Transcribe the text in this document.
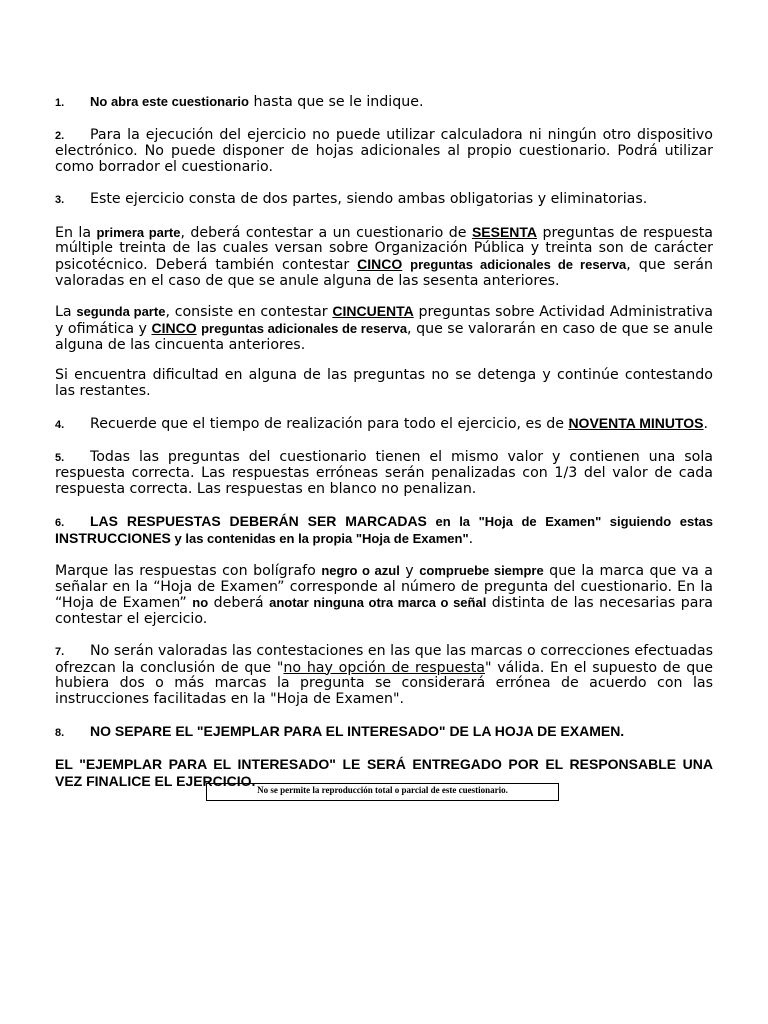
1. No abra este cuestionario hasta que se le indique.

2. Para la ejecución del ejercicio no puede utilizar calculadora ni ningún otro dispositivo electrónico. No puede disponer de hojas adicionales al propio cuestionario. Podrá utilizar como borrador el cuestionario.

3. Este ejercicio consta de dos partes, siendo ambas obligatorias y eliminatorias.

En la primera parte, deberá contestar a un cuestionario de SESENTA preguntas de respuesta múltiple treinta de las cuales versan sobre Organización Pública y treinta son de carácter psicotécnico. Deberá también contestar CINCO preguntas adicionales de reserva, que serán valoradas en el caso de que se anule alguna de las sesenta anteriores.

La segunda parte, consiste en contestar CINCUENTA preguntas sobre Actividad Administrativa y ofimática y CINCO preguntas adicionales de reserva, que se valorarán en caso de que se anule alguna de las cincuenta anteriores.

Si encuentra dificultad en alguna de las preguntas no se detenga y continúe contestando las restantes.

4. Recuerde que el tiempo de realización para todo el ejercicio, es de NOVENTA MINUTOS.

5. Todas las preguntas del cuestionario tienen el mismo valor y contienen una sola respuesta correcta. Las respuestas erróneas serán penalizadas con 1/3 del valor de cada respuesta correcta. Las respuestas en blanco no penalizan.

6. LAS RESPUESTAS DEBERÁN SER MARCADAS en la "Hoja de Examen" siguiendo estas INSTRUCCIONES y las contenidas en la propia "Hoja de Examen".

Marque las respuestas con bolígrafo negro o azul y compruebe siempre que la marca que va a señalar en la “Hoja de Examen” corresponde al número de pregunta del cuestionario. En la “Hoja de Examen” no deberá anotar ninguna otra marca o señal distinta de las necesarias para contestar el ejercicio.

7. No serán valoradas las contestaciones en las que las marcas o correcciones efectuadas ofrezcan la conclusión de que "no hay opción de respuesta" válida. En el supuesto de que hubiera dos o más marcas la pregunta se considerará errónea de acuerdo con las instrucciones facilitadas en la "Hoja de Examen".

8. NO SEPARE EL "EJEMPLAR PARA EL INTERESADO" DE LA HOJA DE EXAMEN.

EL "EJEMPLAR PARA EL INTERESADO" LE SERÁ ENTREGADO POR EL RESPONSABLE UNA VEZ FINALICE EL EJERCICIO.

No se permite la reproducción total o parcial de este cuestionario.
